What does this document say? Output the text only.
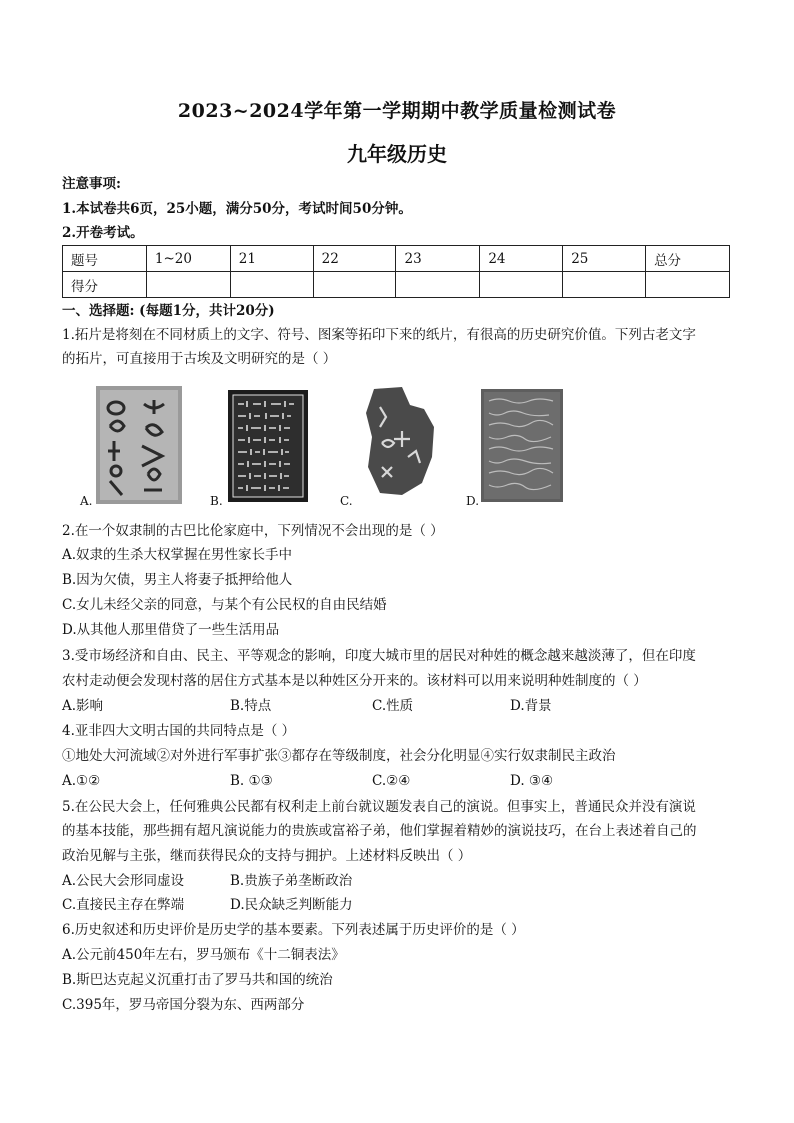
2023~2024学年第一学期期中教学质量检测试卷
九年级历史
注意事项:
1.本试卷共6页，25小题，满分50分，考试时间50分钟。
2.开卷考试。
题号	1~20	21	22	23	24	25	总分
得分							
一、选择题: (每题1分，共计20分)
1.拓片是将刻在不同材质上的文字、符号、图案等拓印下来的纸片，有很高的历史研究价值。下列古老文字
的拓片，可直接用于古埃及文明研究的是（ ）
A.	B.	C.	D.
2.在一个奴隶制的古巴比伦家庭中，下列情况不会出现的是（ ）
A.奴隶的生杀大权掌握在男性家长手中
B.因为欠债，男主人将妻子抵押给他人
C.女儿未经父亲的同意，与某个有公民权的自由民结婚
D.从其他人那里借贷了一些生活用品
3.受市场经济和自由、民主、平等观念的影响，印度大城市里的居民对种姓的概念越来越淡薄了，但在印度
农村走动便会发现村落的居住方式基本是以种姓区分开来的。该材料可以用来说明种姓制度的（ ）
A.影响	B.特点	C.性质	D.背景
4.亚非四大文明古国的共同特点是（ ）
①地处大河流域②对外进行军事扩张③都存在等级制度，社会分化明显④实行奴隶制民主政治
A.①②	B. ①③	C.②④	D. ③④
5.在公民大会上，任何雅典公民都有权利走上前台就议题发表自己的演说。但事实上，普通民众并没有演说
的基本技能，那些拥有超凡演说能力的贵族或富裕子弟，他们掌握着精妙的演说技巧，在台上表述着自己的
政治见解与主张，继而获得民众的支持与拥护。上述材料反映出（ ）
A.公民大会形同虚设	B.贵族子弟垄断政治
C.直接民主存在弊端	D.民众缺乏判断能力
6.历史叙述和历史评价是历史学的基本要素。下列表述属于历史评价的是（ ）
A.公元前450年左右，罗马颁布《十二铜表法》
B.斯巴达克起义沉重打击了罗马共和国的统治
C.395年，罗马帝国分裂为东、西两部分
